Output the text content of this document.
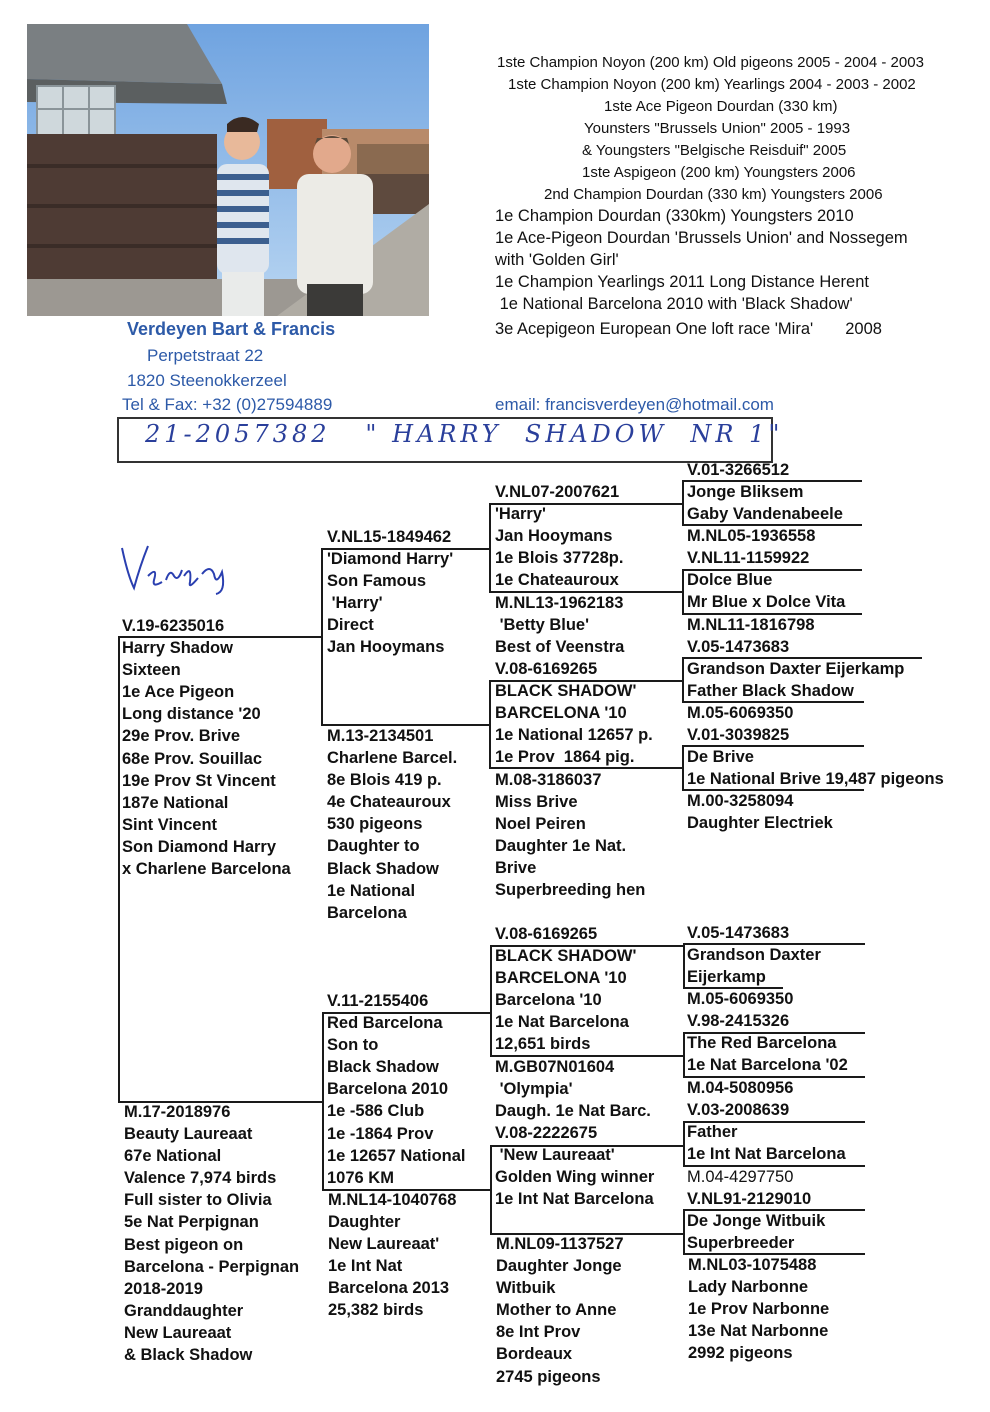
1ste Champion Noyon (200 km) Old pigeons 2005 - 2004 - 2003
1ste Champion Noyon (200 km) Yearlings 2004 - 2003 - 2002
1ste Ace Pigeon Dourdan (330 km)
Younsters "Brussels Union" 2005 - 1993
& Youngsters "Belgische Reisduif" 2005
1ste Aspigeon (200 km) Youngsters 2006
2nd Champion Dourdan (330 km) Youngsters 2006
1e Champion Dourdan (330km) Youngsters 2010
1e Ace-Pigeon Dourdan 'Brussels Union' and Nossegem
with 'Golden Girl'
1e Champion Yearlings 2011 Long Distance Herent
1e National Barcelona 2010 with 'Black Shadow'
3e Acepigeon European One loft race 'Mira'       2008
Verdeyen Bart & Francis
Perpetstraat 22
1820 Steenokkerzeel
Tel & Fax: +32 (0)27594889	email: francisverdeyen@hotmail.com
21-2057382   " HARRY  SHADOW  NR 1"
V.19-6235016
Harry Shadow
Sixteen
1e Ace Pigeon
Long distance '20
29e Prov. Brive
68e Prov. Souillac
19e Prov St Vincent
187e National
Sint Vincent
Son Diamond Harry
x Charlene Barcelona
M.17-2018976
Beauty Laureaat
67e National
Valence 7,974 birds
Full sister to Olivia
5e Nat Perpignan
Best pigeon on
Barcelona - Perpignan
2018-2019
Granddaughter
New Laureaat
& Black Shadow
V.NL15-1849462
'Diamond Harry'
Son Famous
'Harry'
Direct
Jan Hooymans
M.13-2134501
Charlene Barcel.
8e Blois 419 p.
4e Chateauroux
530 pigeons
Daughter to
Black Shadow
1e National
Barcelona
V.11-2155406
Red Barcelona
Son to
Black Shadow
Barcelona 2010
1e -586 Club
1e -1864 Prov
1e 12657 National
1076 KM
M.NL14-1040768
Daughter
New Laureaat'
1e Int Nat
Barcelona 2013
25,382 birds
V.NL07-2007621
'Harry'
Jan Hooymans
1e Blois 37728p.
1e Chateauroux
M.NL13-1962183
'Betty Blue'
Best of Veenstra
V.08-6169265
BLACK SHADOW'
BARCELONA '10
1e National 12657 p.
1e Prov  1864 pig.
M.08-3186037
Miss Brive
Noel Peiren
Daughter 1e Nat.
Brive
Superbreeding hen
V.08-6169265
BLACK SHADOW'
BARCELONA '10
Barcelona '10
1e Nat Barcelona
12,651 birds
M.GB07N01604
'Olympia'
Daugh. 1e Nat Barc.
V.08-2222675
'New Laureaat'
Golden Wing winner
1e Int Nat Barcelona
M.NL09-1137527
Daughter Jonge
Witbuik
Mother to Anne
8e Int Prov
Bordeaux
2745 pigeons
V.01-3266512
Jonge Bliksem
Gaby Vandenabeele
M.NL05-1936558
V.NL11-1159922
Dolce Blue
Mr Blue x Dolce Vita
M.NL11-1816798
V.05-1473683
Grandson Daxter Eijerkamp
Father Black Shadow
M.05-6069350
V.01-3039825
De Brive
1e National Brive 19,487 pigeons
M.00-3258094
Daughter Electriek
V.05-1473683
Grandson Daxter
Eijerkamp
M.05-6069350
V.98-2415326
The Red Barcelona
1e Nat Barcelona '02
M.04-5080956
V.03-2008639
Father
1e Int Nat Barcelona
M.04-4297750
V.NL91-2129010
De Jonge Witbuik
Superbreeder
M.NL03-1075488
Lady Narbonne
1e Prov Narbonne
13e Nat Narbonne
2992 pigeons
